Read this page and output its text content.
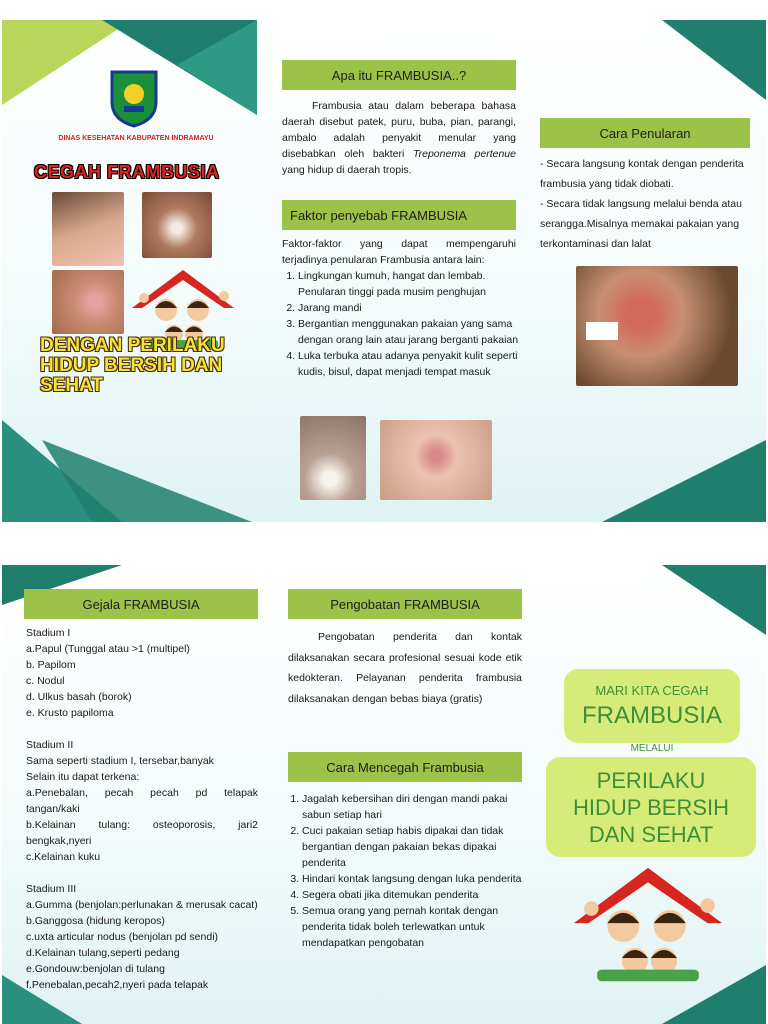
DINAS KESEHATAN KABUPATEN INDRAMAYU
CEGAH FRAMBUSIA
DENGAN PERILAKU HIDUP BERSIH DAN SEHAT
Apa itu FRAMBUSIA..?

Frambusia atau dalam beberapa bahasa daerah disebut patek, puru, buba, pian, parangi, ambalo adalah penyakit menular yang disebabkan oleh bakteri Treponema pertenue yang hidup di daerah tropis.

Faktor penyebab FRAMBUSIA

Faktor-faktor yang dapat mempengaruhi terjadinya penularan Frambusia antara lain:

1. Lingkungan kumuh, hangat dan lembab. Penularan tinggi pada musim penghujan
2. Jarang mandi
3. Bergantian menggunakan pakaian yang sama dengan orang lain atau jarang berganti pakaian
4. Luka terbuka atau adanya penyakit kulit seperti kudis, bisul, dapat menjadi tempat masuk
Cara Penularan

- Secara langsung kontak dengan penderita frambusia yang tidak diobati.

- Secara tidak langsung melalui benda atau serangga.Misalnya memakai pakaian yang terkontaminasi dan lalat

Gejala FRAMBUSIA
Stadium I
a.Papul (Tunggal atau >1 (multipel)
b. Papilom
c. Nodul
d. Ulkus basah (borok)
e. Krusto papiloma
Stadium II
Sama seperti stadium I, tersebar,banyak
Selain itu dapat terkena:
a.Penebalan, pecah pecah pd telapak tangan/kaki
b.Kelainan tulang: osteoporosis, jari2 bengkak,nyeri
c.Kelainan kuku
Stadium III
a.Gumma (benjolan:perlunakan & merusak cacat)
b.Ganggosa (hidung keropos)
c.uxta articular nodus (benjolan pd sendi)
d.Kelainan tulang,seperti pedang
e.Gondouw:benjolan di tulang
f.Penebalan,pecah2,nyeri pada telapak
Pengobatan FRAMBUSIA

Pengobatan penderita dan kontak dilaksanakan secara profesional sesuai kode etik kedokteran. Pelayanan penderita frambusia dilaksanakan dengan bebas biaya (gratis)

Cara Mencegah Frambusia
1. Jagalah kebersihan diri dengan mandi pakai sabun setiap hari
2. Cuci pakaian setiap habis dipakai dan tidak bergantian dengan pakaian bekas dipakai penderita
3. Hindari kontak langsung dengan luka penderita
4. Segera obati jika ditemukan penderita
5. Semua orang yang pernah kontak dengan penderita tidak boleh terlewatkan untuk mendapatkan pengobatan
MARI KITA CEGAH
FRAMBUSIA
MELALUI
PERILAKU HIDUP BERSIH DAN SEHAT
